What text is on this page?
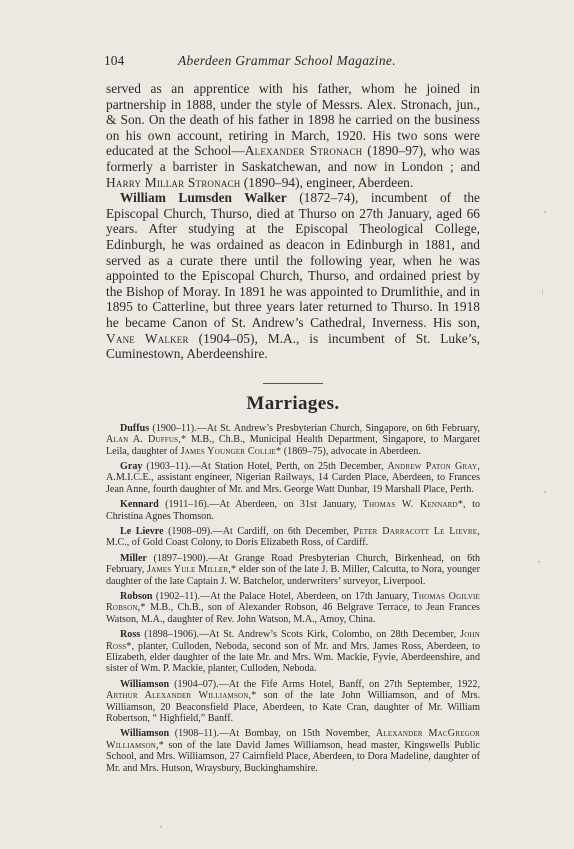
104	Aberdeen Grammar School Magazine.

served as an apprentice with his father, whom he joined in partnership in 1888, under the style of Messrs. Alex. Stronach, jun., & Son. On the death of his father in 1898 he carried on the business on his own account, retiring in March, 1920. His two sons were educated at the School—Alexander Stronach (1890–97), who was formerly a barrister in Saskatchewan, and now in London ; and Harry Millar Stronach (1890–94), engineer, Aberdeen.

William Lumsden Walker (1872–74), incumbent of the Episcopal Church, Thurso, died at Thurso on 27th January, aged 66 years. After studying at the Episcopal Theological College, Edinburgh, he was ordained as deacon in Edinburgh in 1881, and served as a curate there until the following year, when he was appointed to the Episcopal Church, Thurso, and ordained priest by the Bishop of Moray. In 1891 he was appointed to Drumlithie, and in 1895 to Catterline, but three years later returned to Thurso. In 1918 he became Canon of St. Andrew’s Cathedral, Inverness. His son, Vane Walker (1904–05), M.A., is incumbent of St. Luke’s, Cuminestown, Aberdeenshire.

Marriages.

Duffus (1900–11).—At St. Andrew’s Presbyterian Church, Singapore, on 6th February, Alan A. Duffus,* M.B., Ch.B., Municipal Health Department, Singapore, to Margaret Leila, daughter of James Younger Collie* (1869–75), advocate in Aberdeen.

Gray (1903–11).—At Station Hotel, Perth, on 25th December, Andrew Paton Gray, A.M.I.C.E., assistant engineer, Nigerian Railways, 14 Carden Place, Aberdeen, to Frances Jean Anne, fourth daughter of Mr. and Mrs. George Watt Dunbar, 19 Marshall Place, Perth.

Kennard (1911–16).—At Aberdeen, on 31st January, Thomas W. Kennard*, to Christina Agnes Thomson.

Le Lievre (1908–09).—At Cardiff, on 6th December, Peter Darracott Le Lievre, M.C., of Gold Coast Colony, to Doris Elizabeth Ross, of Cardiff.

Miller (1897–1900).—At Grange Road Presbyterian Church, Birkenhead, on 6th February, James Yule Miller,* elder son of the late J. B. Miller, Calcutta, to Nora, younger daughter of the late Captain J. W. Batchelor, underwriters’ surveyor, Liverpool.

Robson (1902–11).—At the Palace Hotel, Aberdeen, on 17th January, Thomas Ogilvie Robson,* M.B., Ch.B., son of Alexander Robson, 46 Belgrave Terrace, to Jean Frances Watson, M.A., daughter of Rev. John Watson, M.A., Amoy, China.

Ross (1898–1906).—At St. Andrew’s Scots Kirk, Colombo, on 28th December, John Ross*, planter, Culloden, Neboda, second son of Mr. and Mrs. James Ross, Aberdeen, to Elizabeth, elder daughter of the late Mr. and Mrs. Wm. Mackie, Fyvie, Aberdeenshire, and sister of Wm. P. Mackie, planter, Culloden, Neboda.

Williamson (1904–07).—At the Fife Arms Hotel, Banff, on 27th September, 1922, Arthur Alexander Williamson,* son of the late John Williamson, and of Mrs. Williamson, 20 Beaconsfield Place, Aberdeen, to Kate Cran, daughter of Mr. William Robertson, “ Highfield,” Banff.

Williamson (1908–11).—At Bombay, on 15th November, Alexander MacGregor Williamson,* son of the late David James Williamson, head master, Kingswells Public School, and Mrs. Williamson, 27 Cairnfield Place, Aberdeen, to Dora Madeline, daughter of Mr. and Mrs. Hutson, Wraysbury, Buckinghamshire.

•
|
•
•
•
